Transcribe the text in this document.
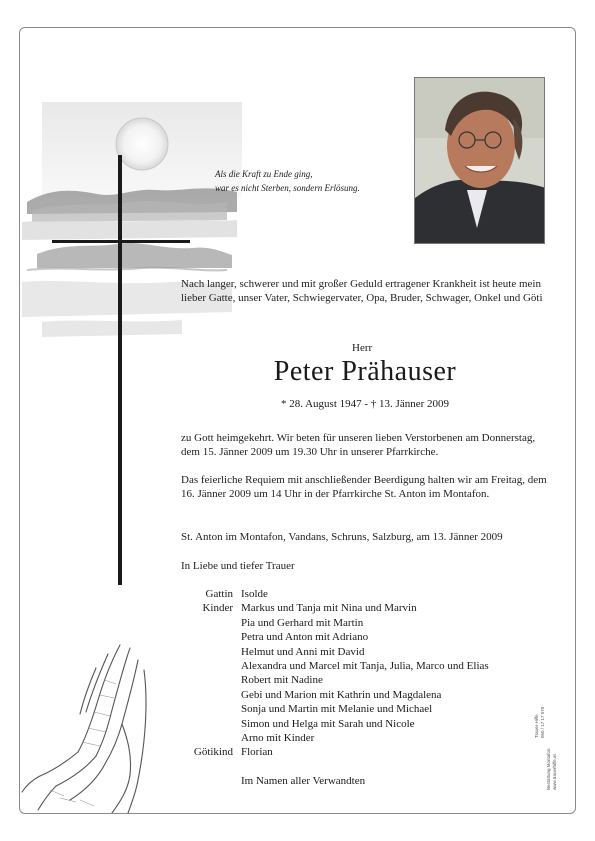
Als die Kraft zu Ende ging,
war es nicht Sterben, sondern Erlösung.
Nach langer, schwerer und mit großer Geduld ertragener Krankheit ist heute mein lieber Gatte, unser Vater, Schwiegervater, Opa, Bruder, Schwager, Onkel und Göti
Herr
Peter Prähauser
* 28. August 1947 - † 13. Jänner 2009
zu Gott heimgekehrt. Wir beten für unseren lieben Verstorbenen am Donnerstag, dem 15. Jänner 2009 um 19.30 Uhr in unserer Pfarrkirche.
Das feierliche Requiem mit anschließender Beerdigung halten wir am Freitag, dem 16. Jänner 2009 um 14 Uhr in der Pfarrkirche St. Anton im Montafon.
St. Anton im Montafon, Vandans, Schruns, Salzburg, am 13. Jänner 2009
In Liebe und tiefer Trauer
Gattin Isolde
Kinder Markus und Tanja mit Nina und Marvin
Pia und Gerhard mit Martin
Petra und Anton mit Adriano
Helmut und Anni mit David
Alexandra und Marcel mit Tanja, Julia, Marco und Elias
Robert mit Nadine
Gebi und Marion mit Kathrin und Magdalena
Sonja und Martin mit Melanie und Michael
Simon und Helga mit Sarah und Nicole
Arno mit Kinder
Götikind Florian
Im Namen aller Verwandten
Trauer-Hilfe 050 / 17 17 070
Bestattung Montafon www.trauerhilfe.at
